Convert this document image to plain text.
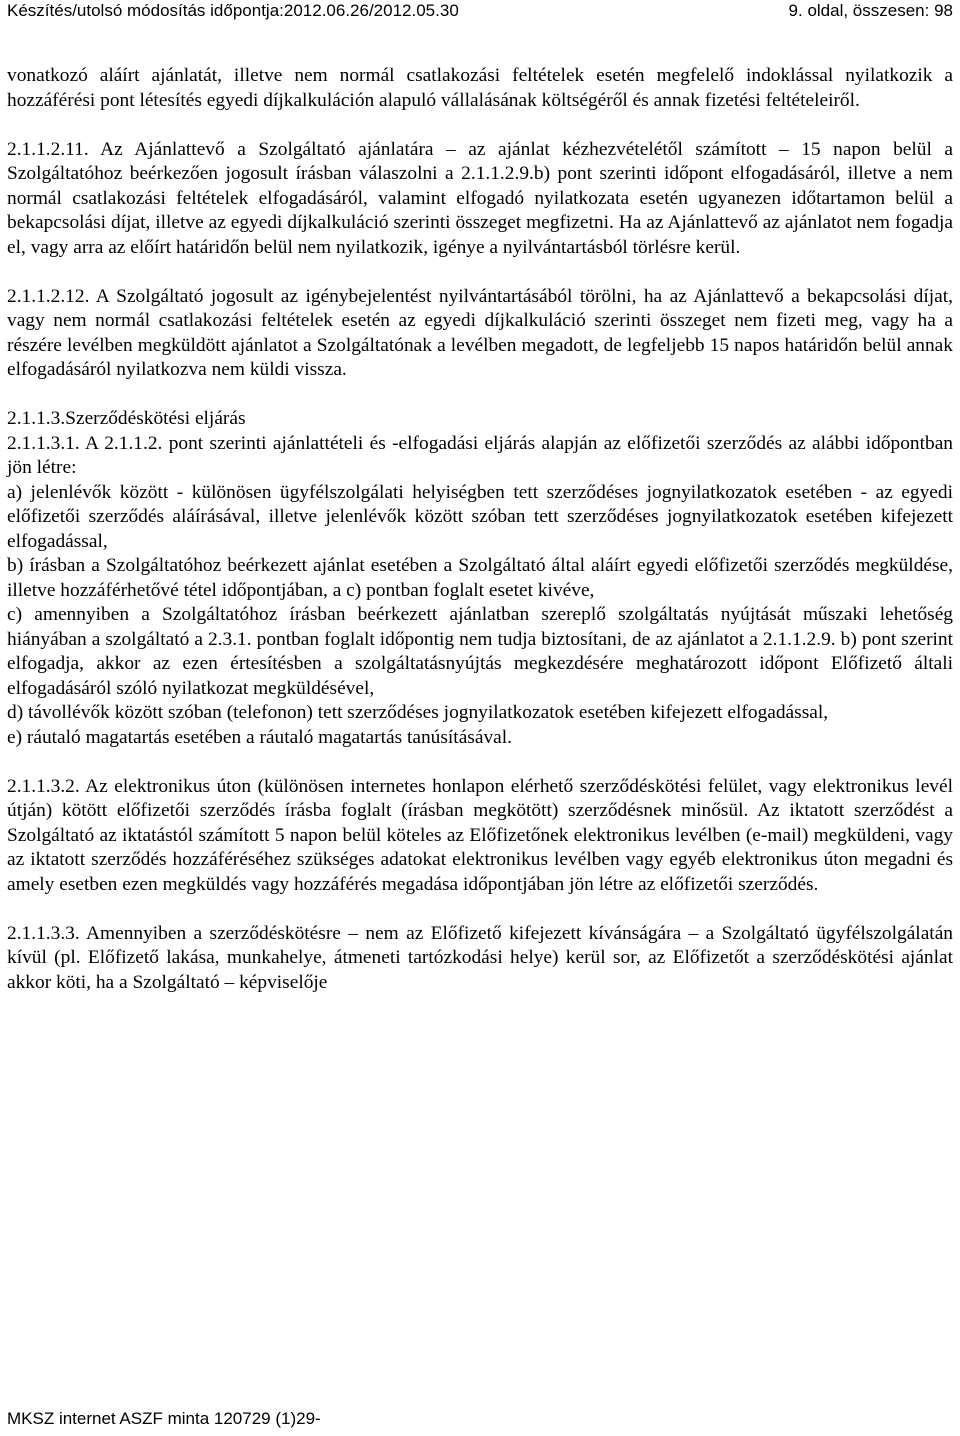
Készítés/utolsó módosítás időpontja:2012.06.26/2012.05.30	9. oldal, összesen: 98

vonatkozó aláírt ajánlatát, illetve nem normál csatlakozási feltételek esetén megfelelő indoklással nyilatkozik a hozzáférési pont létesítés egyedi díjkalkuláción alapuló vállalásának költségéről és annak fizetési feltételeiről.

2.1.1.2.11. Az Ajánlattevő a Szolgáltató ajánlatára – az ajánlat kézhezvételétől számított – 15 napon belül a Szolgáltatóhoz beérkezően jogosult írásban válaszolni a 2.1.1.2.9.b) pont szerinti időpont elfogadásáról, illetve a nem normál csatlakozási feltételek elfogadásáról, valamint elfogadó nyilatkozata esetén ugyanezen időtartamon belül a bekapcsolási díjat, illetve az egyedi díjkalkuláció szerinti összeget megfizetni. Ha az Ajánlattevő az ajánlatot nem fogadja el, vagy arra az előírt határidőn belül nem nyilatkozik, igénye a nyilvántartásból törlésre kerül.

2.1.1.2.12. A Szolgáltató jogosult az igénybejelentést nyilvántartásából törölni, ha az Ajánlattevő a bekapcsolási díjat, vagy nem normál csatlakozási feltételek esetén az egyedi díjkalkuláció szerinti összeget nem fizeti meg, vagy ha a részére levélben megküldött ajánlatot a Szolgáltatónak a levélben megadott, de legfeljebb 15 napos határidőn belül annak elfogadásáról nyilatkozva nem küldi vissza.

2.1.1.3.Szerződéskötési eljárás

2.1.1.3.1. A 2.1.1.2. pont szerinti ajánlattételi és -elfogadási eljárás alapján az előfizetői szerződés az alábbi időpontban jön létre:

a) jelenlévők között - különösen ügyfélszolgálati helyiségben tett szerződéses jognyilatkozatok esetében - az egyedi előfizetői szerződés aláírásával, illetve jelenlévők között szóban tett szerződéses jognyilatkozatok esetében kifejezett elfogadással,

b) írásban a Szolgáltatóhoz beérkezett ajánlat esetében a Szolgáltató által aláírt egyedi előfizetői szerződés megküldése, illetve hozzáférhetővé tétel időpontjában, a c) pontban foglalt esetet kivéve,

c) amennyiben a Szolgáltatóhoz írásban beérkezett ajánlatban szereplő szolgáltatás nyújtását műszaki lehetőség hiányában a szolgáltató a 2.3.1. pontban foglalt időpontig nem tudja biztosítani, de az ajánlatot a 2.1.1.2.9. b) pont szerint elfogadja, akkor az ezen értesítésben a szolgáltatásnyújtás megkezdésére meghatározott időpont Előfizető általi elfogadásáról szóló nyilatkozat megküldésével,

d) távollévők között szóban (telefonon) tett szerződéses jognyilatkozatok esetében kifejezett elfogadással,

e) ráutaló magatartás esetében a ráutaló magatartás tanúsításával.

2.1.1.3.2. Az elektronikus úton (különösen internetes honlapon elérhető szerződéskötési felület, vagy elektronikus levél útján) kötött előfizetői szerződés írásba foglalt (írásban megkötött) szerződésnek minősül. Az iktatott szerződést a Szolgáltató az iktatástól számított 5 napon belül köteles az Előfizetőnek elektronikus levélben (e-mail) megküldeni, vagy az iktatott szerződés hozzáféréséhez szükséges adatokat elektronikus levélben vagy egyéb elektronikus úton megadni és amely esetben ezen megküldés vagy hozzáférés megadása időpontjában jön létre az előfizetői szerződés.

2.1.1.3.3. Amennyiben a szerződéskötésre – nem az Előfizető kifejezett kívánságára – a Szolgáltató ügyfélszolgálatán kívül (pl. Előfizető lakása, munkahelye, átmeneti tartózkodási helye) kerül sor, az Előfizetőt a szerződéskötési ajánlat akkor köti, ha a Szolgáltató – képviselője

MKSZ internet ASZF minta 120729 (1)29-
